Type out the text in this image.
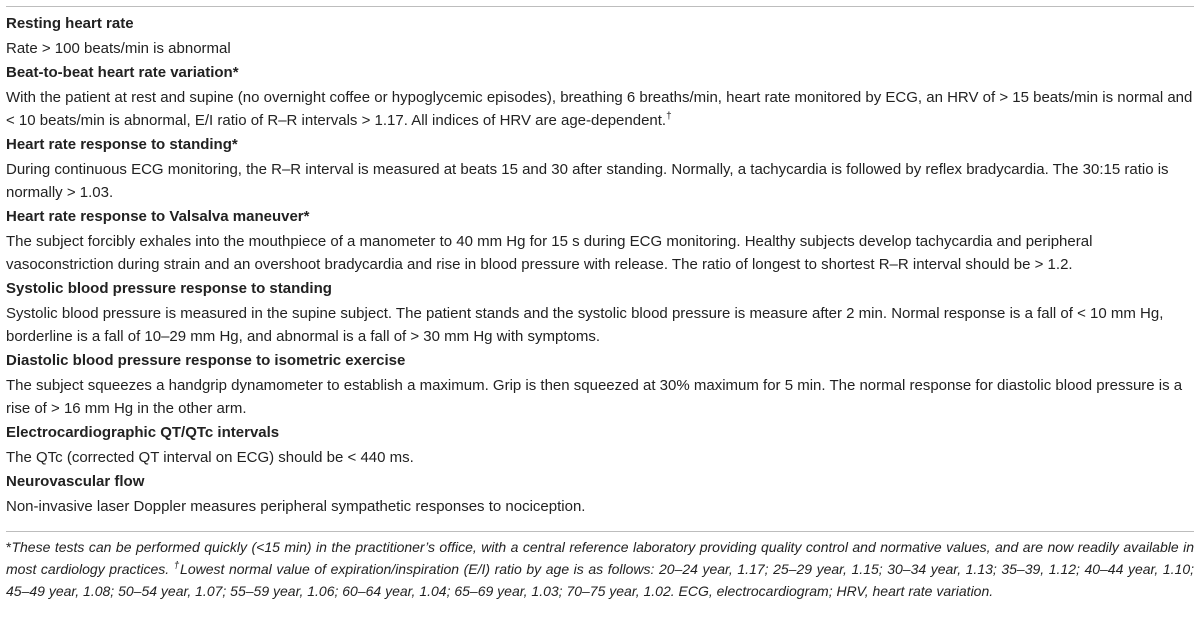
Resting heart rate
Rate > 100 beats/min is abnormal
Beat-to-beat heart rate variation*
With the patient at rest and supine (no overnight coffee or hypoglycemic episodes), breathing 6 breaths/min, heart rate monitored by ECG, an HRV of > 15 beats/min is normal and < 10 beats/min is abnormal, E/I ratio of R–R intervals > 1.17. All indices of HRV are age-dependent.†
Heart rate response to standing*
During continuous ECG monitoring, the R–R interval is measured at beats 15 and 30 after standing. Normally, a tachycardia is followed by reflex bradycardia. The 30:15 ratio is normally > 1.03.
Heart rate response to Valsalva maneuver*
The subject forcibly exhales into the mouthpiece of a manometer to 40 mm Hg for 15 s during ECG monitoring. Healthy subjects develop tachycardia and peripheral vasoconstriction during strain and an overshoot bradycardia and rise in blood pressure with release. The ratio of longest to shortest R–R interval should be > 1.2.
Systolic blood pressure response to standing
Systolic blood pressure is measured in the supine subject. The patient stands and the systolic blood pressure is measure after 2 min. Normal response is a fall of < 10 mm Hg, borderline is a fall of 10–29 mm Hg, and abnormal is a fall of > 30 mm Hg with symptoms.
Diastolic blood pressure response to isometric exercise
The subject squeezes a handgrip dynamometer to establish a maximum. Grip is then squeezed at 30% maximum for 5 min. The normal response for diastolic blood pressure is a rise of > 16 mm Hg in the other arm.
Electrocardiographic QT/QTc intervals
The QTc (corrected QT interval on ECG) should be < 440 ms.
Neurovascular flow
Non-invasive laser Doppler measures peripheral sympathetic responses to nociception.
*These tests can be performed quickly (<15 min) in the practitioner’s office, with a central reference laboratory providing quality control and normative values, and are now readily available in most cardiology practices. †Lowest normal value of expiration/inspiration (E/I) ratio by age is as follows: 20–24 year, 1.17; 25–29 year, 1.15; 30–34 year, 1.13; 35–39, 1.12; 40–44 year, 1.10; 45–49 year, 1.08; 50–54 year, 1.07; 55–59 year, 1.06; 60–64 year, 1.04; 65–69 year, 1.03; 70–75 year, 1.02. ECG, electrocardiogram; HRV, heart rate variation.
